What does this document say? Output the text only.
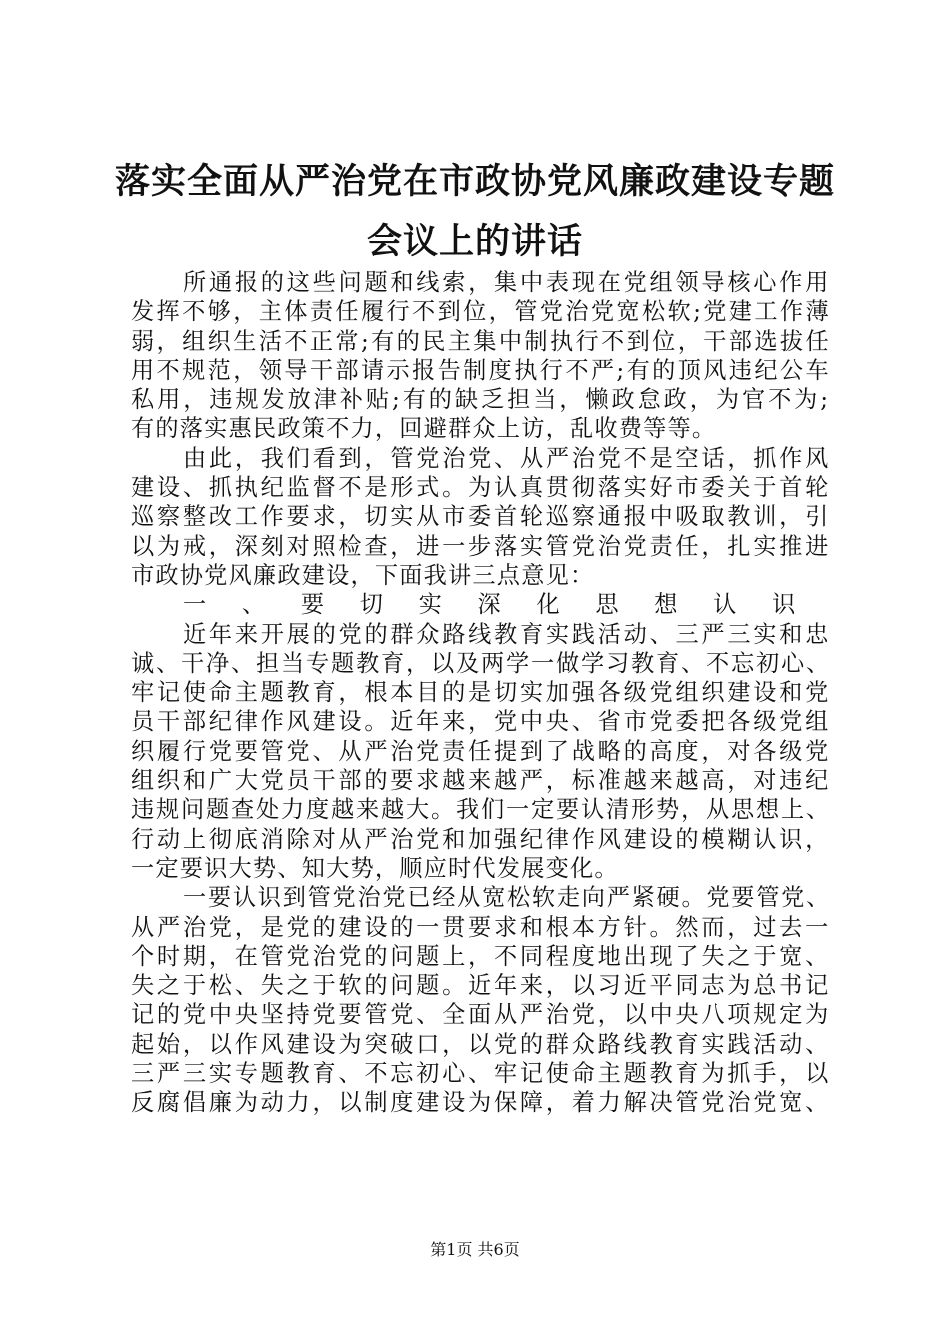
落实全面从严治党在市政协党风廉政建设专题
会议上的讲话
所通报的这些问题和线索，集中表现在党组领导核心作用
发挥不够，主体责任履行不到位，管党治党宽松软;党建工作薄
弱，组织生活不正常;有的民主集中制执行不到位，干部选拔任
用不规范，领导干部请示报告制度执行不严;有的顶风违纪公车
私用，违规发放津补贴;有的缺乏担当，懒政怠政，为官不为;
有的落实惠民政策不力，回避群众上访，乱收费等等。
由此，我们看到，管党治党、从严治党不是空话，抓作风
建设、抓执纪监督不是形式。为认真贯彻落实好市委关于首轮
巡察整改工作要求，切实从市委首轮巡察通报中吸取教训，引
以为戒，深刻对照检查，进一步落实管党治党责任，扎实推进
市政协党风廉政建设，下面我讲三点意见：
一、要切实深化思想认识
近年来开展的党的群众路线教育实践活动、三严三实和忠
诚、干净、担当专题教育，以及两学一做学习教育、不忘初心、
牢记使命主题教育，根本目的是切实加强各级党组织建设和党
员干部纪律作风建设。近年来，党中央、省市党委把各级党组
织履行党要管党、从严治党责任提到了战略的高度，对各级党
组织和广大党员干部的要求越来越严，标准越来越高，对违纪
违规问题查处力度越来越大。我们一定要认清形势，从思想上、
行动上彻底消除对从严治党和加强纪律作风建设的模糊认识，
一定要识大势、知大势，顺应时代发展变化。
一要认识到管党治党已经从宽松软走向严紧硬。党要管党、
从严治党，是党的建设的一贯要求和根本方针。然而，过去一
个时期，在管党治党的问题上，不同程度地出现了失之于宽、
失之于松、失之于软的问题。近年来，以习近平同志为总书记
记的党中央坚持党要管党、全面从严治党，以中央八项规定为
起始，以作风建设为突破口，以党的群众路线教育实践活动、
三严三实专题教育、不忘初心、牢记使命主题教育为抓手，以
反腐倡廉为动力，以制度建设为保障，着力解决管党治党宽、
第1页 共6页
